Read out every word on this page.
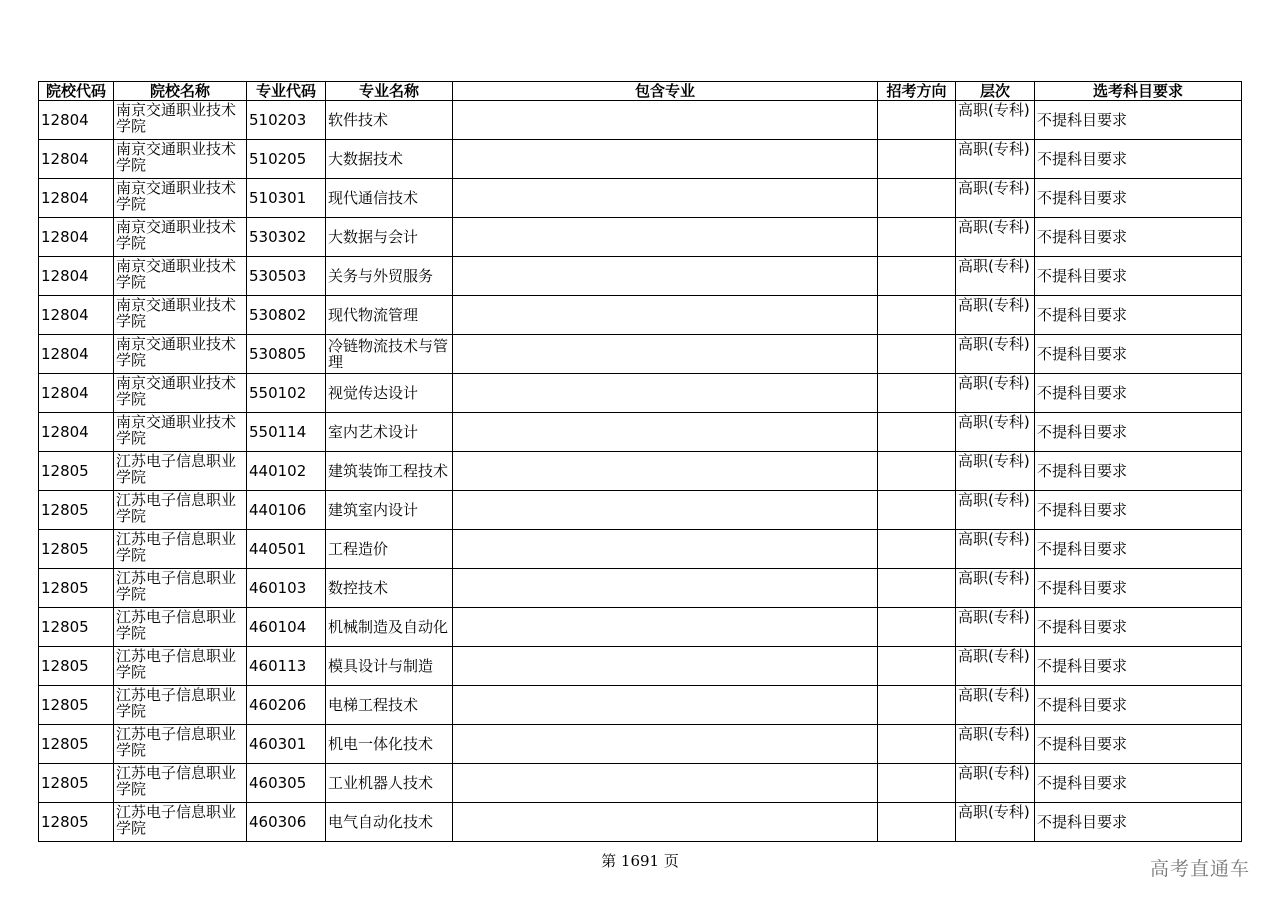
院校代码	院校名称	专业代码	专业名称	包含专业	招考方向	层次	选考科目要求
12804	南京交通职业技术学院	510203	软件技术			高职(专科)	不提科目要求
12804	南京交通职业技术学院	510205	大数据技术			高职(专科)	不提科目要求
12804	南京交通职业技术学院	510301	现代通信技术			高职(专科)	不提科目要求
12804	南京交通职业技术学院	530302	大数据与会计			高职(专科)	不提科目要求
12804	南京交通职业技术学院	530503	关务与外贸服务			高职(专科)	不提科目要求
12804	南京交通职业技术学院	530802	现代物流管理			高职(专科)	不提科目要求
12804	南京交通职业技术学院	530805	冷链物流技术与管理			高职(专科)	不提科目要求
12804	南京交通职业技术学院	550102	视觉传达设计			高职(专科)	不提科目要求
12804	南京交通职业技术学院	550114	室内艺术设计			高职(专科)	不提科目要求
12805	江苏电子信息职业学院	440102	建筑装饰工程技术			高职(专科)	不提科目要求
12805	江苏电子信息职业学院	440106	建筑室内设计			高职(专科)	不提科目要求
12805	江苏电子信息职业学院	440501	工程造价			高职(专科)	不提科目要求
12805	江苏电子信息职业学院	460103	数控技术			高职(专科)	不提科目要求
12805	江苏电子信息职业学院	460104	机械制造及自动化			高职(专科)	不提科目要求
12805	江苏电子信息职业学院	460113	模具设计与制造			高职(专科)	不提科目要求
12805	江苏电子信息职业学院	460206	电梯工程技术			高职(专科)	不提科目要求
12805	江苏电子信息职业学院	460301	机电一体化技术			高职(专科)	不提科目要求
12805	江苏电子信息职业学院	460305	工业机器人技术			高职(专科)	不提科目要求
12805	江苏电子信息职业学院	460306	电气自动化技术			高职(专科)	不提科目要求
第 1691 页	高考直通车
